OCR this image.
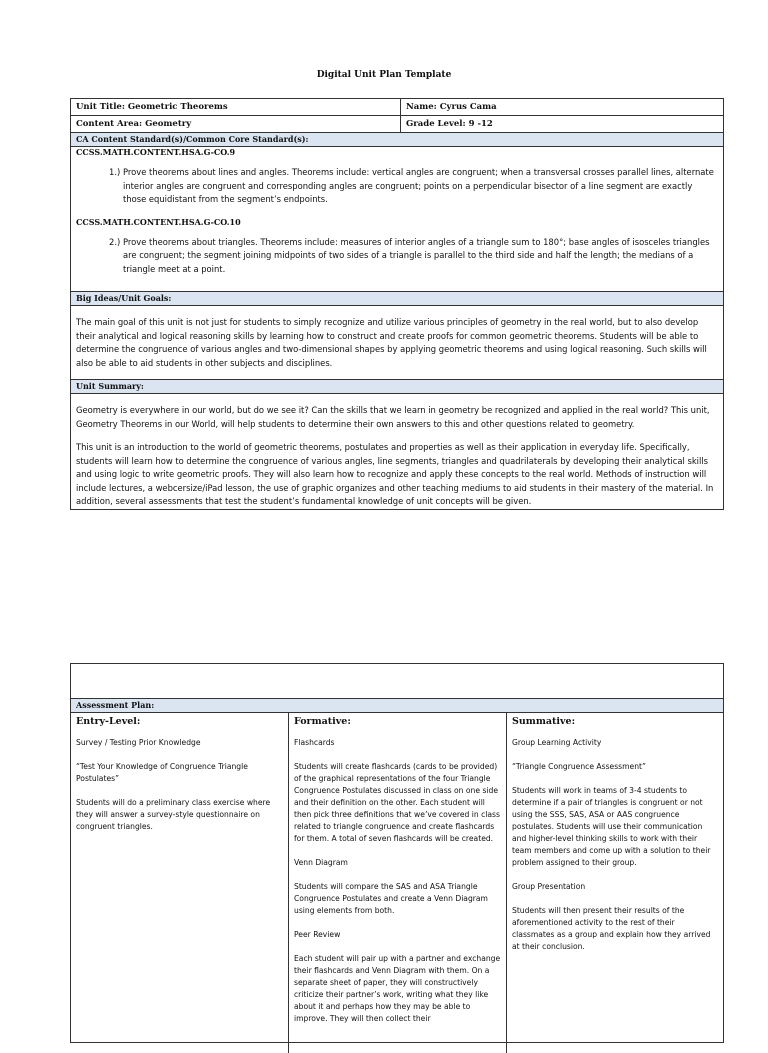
Digital Unit Plan Template
Unit Title: Geometric Theorems	Name: Cyrus Cama
Content Area: Geometry	Grade Level: 9 -12
CA Content Standard(s)/Common Core Standard(s):
CCSS.MATH.CONTENT.HSA.G-CO.9
1.) Prove theorems about lines and angles. Theorems include: vertical angles are congruent; when a transversal crosses parallel lines, alternate interior angles are congruent and corresponding angles are congruent; points on a perpendicular bisector of a line segment are exactly those equidistant from the segment’s endpoints.
CCSS.MATH.CONTENT.HSA.G-CO.10
2.) Prove theorems about triangles. Theorems include: measures of interior angles of a triangle sum to 180°; base angles of isosceles triangles are congruent; the segment joining midpoints of two sides of a triangle is parallel to the third side and half the length; the medians of a triangle meet at a point.
Big Ideas/Unit Goals:
The main goal of this unit is not just for students to simply recognize and utilize various principles of geometry in the real world, but to also develop their analytical and logical reasoning skills by learning how to construct and create proofs for common geometric theorems. Students will be able to determine the congruence of various angles and two-dimensional shapes by applying geometric theorems and using logical reasoning. Such skills will also be able to aid students in other subjects and disciplines.
Unit Summary:
Geometry is everywhere in our world, but do we see it? Can the skills that we learn in geometry be recognized and applied in the real world? This unit, Geometry Theorems in our World, will help students to determine their own answers to this and other questions related to geometry.
This unit is an introduction to the world of geometric theorems, postulates and properties as well as their application in everyday life. Specifically, students will learn how to determine the congruence of various angles, line segments, triangles and quadrilaterals by developing their analytical skills and using logic to write geometric proofs. They will also learn how to recognize and apply these concepts to the real world. Methods of instruction will include lectures, a webcersize/iPad lesson, the use of graphic organizes and other teaching mediums to aid students in their mastery of the material. In addition, several assessments that test the student’s fundamental knowledge of unit concepts will be given.
Assessment Plan:
Entry-Level:

Survey / Testing Prior Knowledge

“Test Your Knowledge of Congruence Triangle Postulates”

Students will do a preliminary class exercise where they will answer a survey-style questionnaire on congruent triangles.

Formative:

Flashcards

Students will create flashcards (cards to be provided) of the graphical representations of the four Triangle Congruence Postulates discussed in class on one side and their definition on the other. Each student will then pick three definitions that we’ve covered in class related to triangle congruence and create flashcards for them. A total of seven flashcards will be created.

Venn Diagram

Students will compare the SAS and ASA Triangle Congruence Postulates and create a Venn Diagram using elements from both.

Peer Review

Each student will pair up with a partner and exchange their flashcards and Venn Diagram with them. On a separate sheet of paper, they will constructively criticize their partner’s work, writing what they like about it and perhaps how they may be able to improve. They will then collect their

Summative:

Group Learning Activity

“Triangle Congruence Assessment”

Students will work in teams of 3-4 students to determine if a pair of triangles is congruent or not using the SSS, SAS, ASA or AAS congruence postulates. Students will use their communication and higher-level thinking skills to work with their team members and come up with a solution to their problem assigned to their group.

Group Presentation

Students will then present their results of the aforementioned activity to the rest of their classmates as a group and explain how they arrived at their conclusion.
